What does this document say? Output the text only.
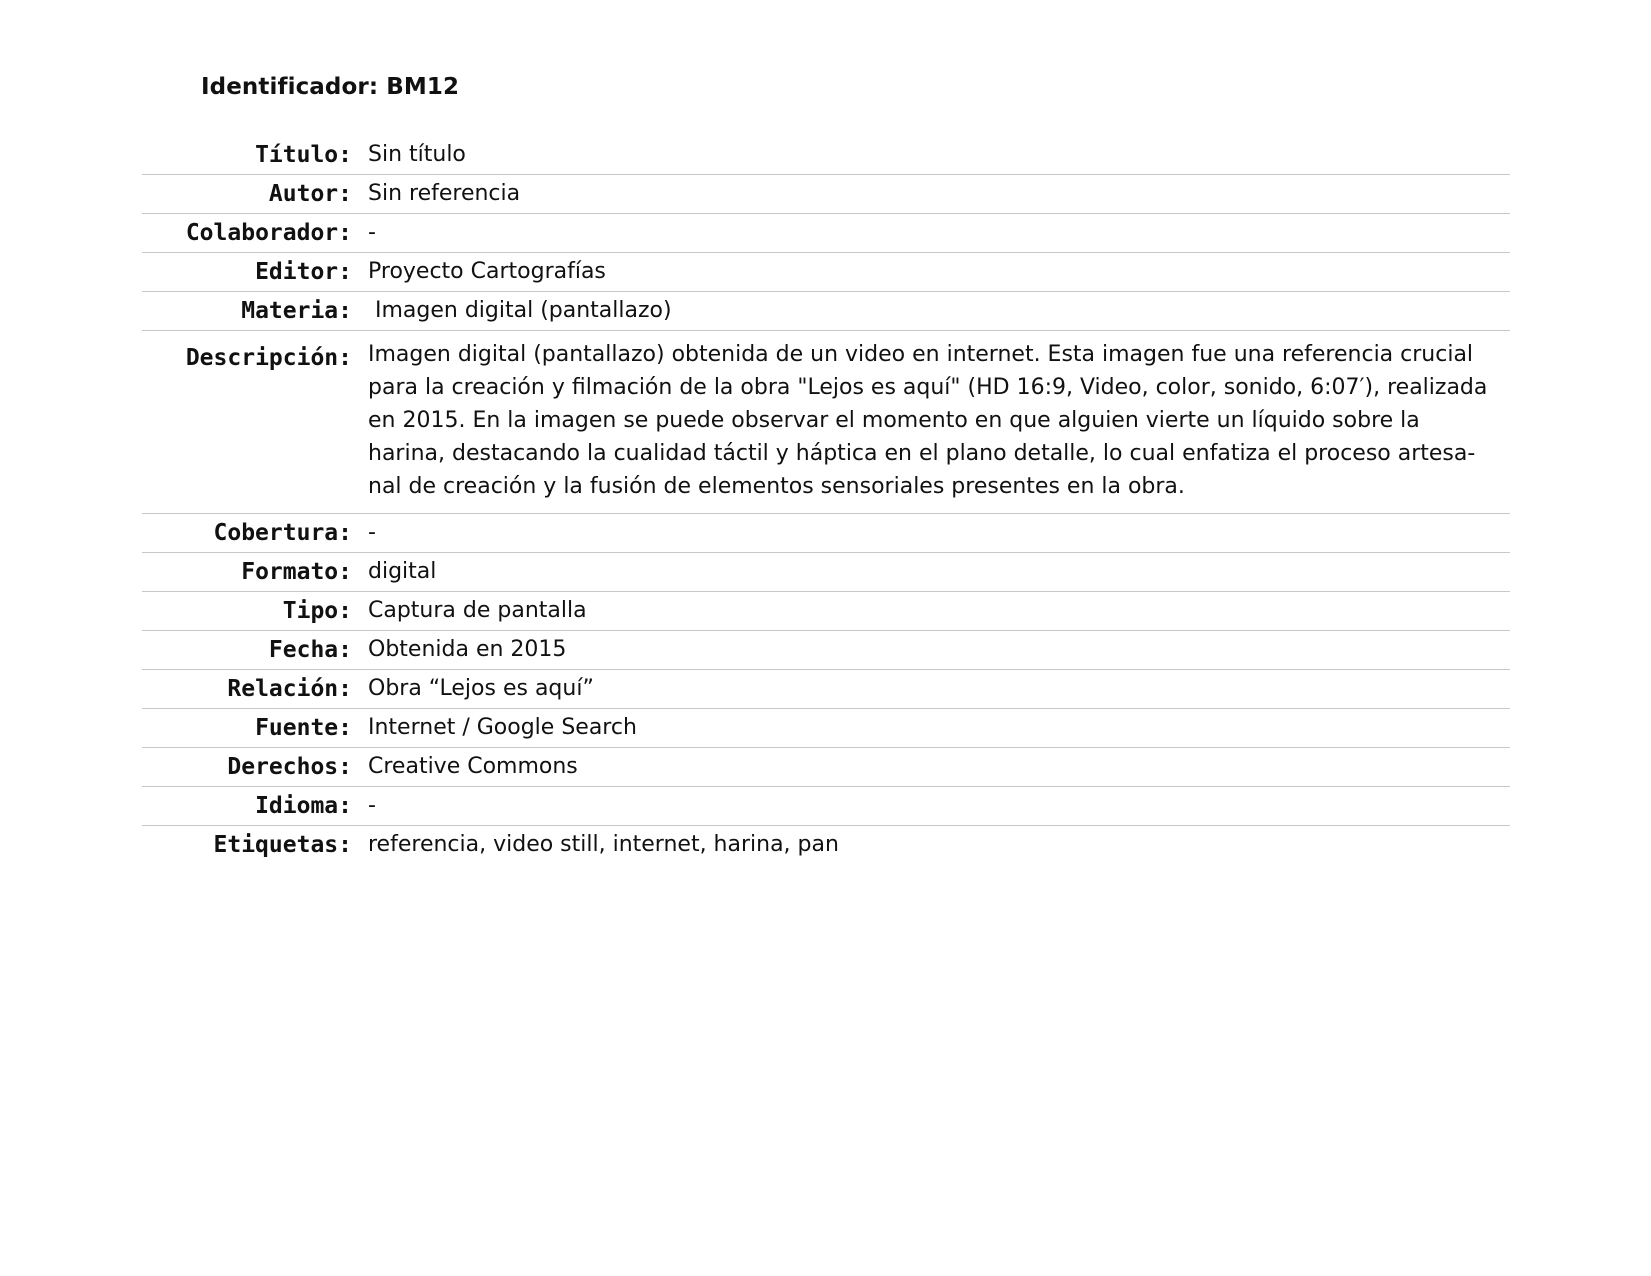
Identificador: BM12
Título: Sin título
Autor: Sin referencia
Colaborador: -
Editor: Proyecto Cartografías
Materia: Imagen digital (pantallazo)
Descripción: Imagen digital (pantallazo) obtenida de un video en internet. Esta imagen fue una referencia crucial para la creación y filmación de la obra "Lejos es aquí" (HD 16:9, Video, color, sonido, 6:07′), realizada en 2015. En la imagen se puede observar el momento en que alguien vierte un líquido sobre la harina, destacando la cualidad táctil y háptica en el plano detalle, lo cual enfatiza el proceso artesa-nal de creación y la fusión de elementos sensoriales presentes en la obra.
Cobertura: -
Formato: digital
Tipo: Captura de pantalla
Fecha: Obtenida en 2015
Relación: Obra “Lejos es aquí”
Fuente: Internet / Google Search
Derechos: Creative Commons
Idioma: -
Etiquetas: referencia, video still, internet, harina, pan
